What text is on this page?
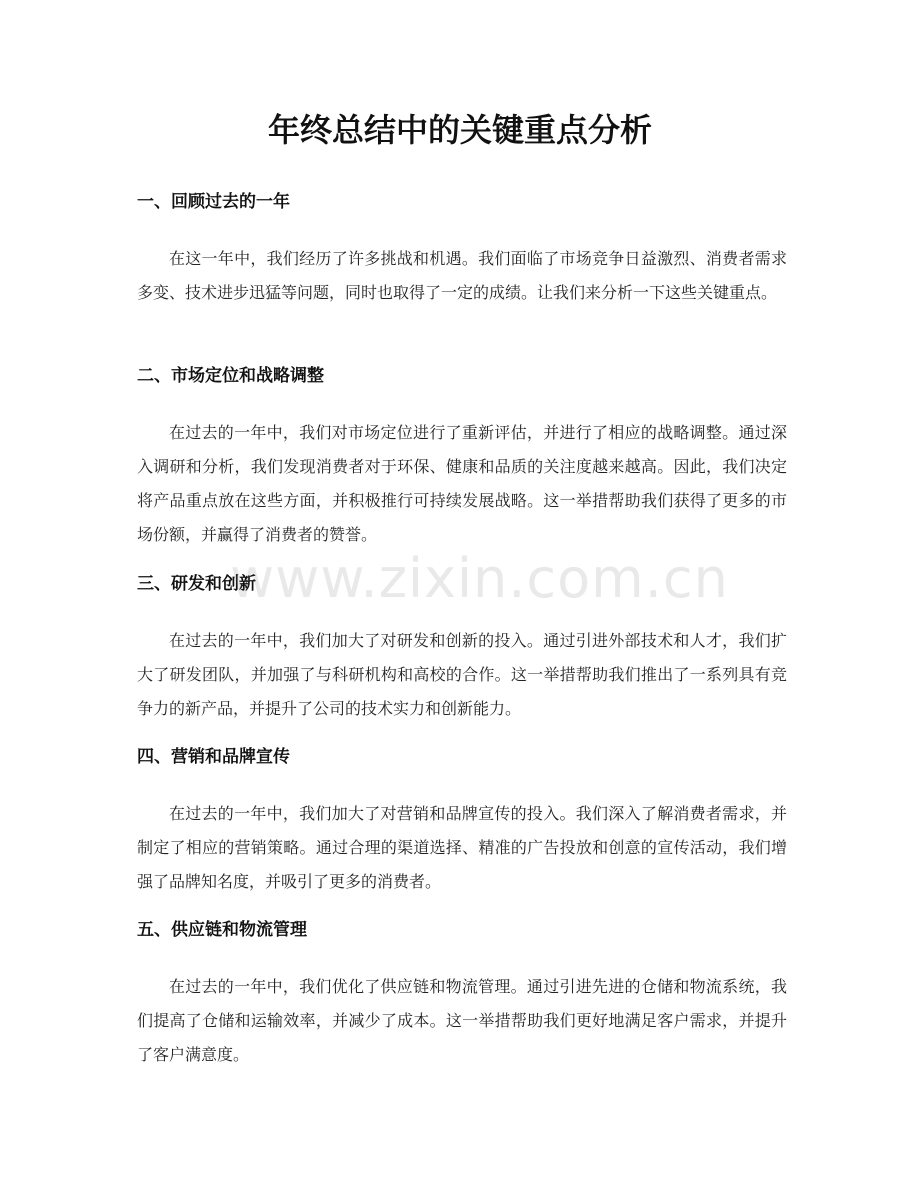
年终总结中的关键重点分析
一、回顾过去的一年

在这一年中，我们经历了许多挑战和机遇。我们面临了市场竞争日益激烈、消费者需求多变、技术进步迅猛等问题，同时也取得了一定的成绩。让我们来分析一下这些关键重点。

二、市场定位和战略调整

在过去的一年中，我们对市场定位进行了重新评估，并进行了相应的战略调整。通过深入调研和分析，我们发现消费者对于环保、健康和品质的关注度越来越高。因此，我们决定将产品重点放在这些方面，并积极推行可持续发展战略。这一举措帮助我们获得了更多的市场份额，并赢得了消费者的赞誉。

三、研发和创新

在过去的一年中，我们加大了对研发和创新的投入。通过引进外部技术和人才，我们扩大了研发团队，并加强了与科研机构和高校的合作。这一举措帮助我们推出了一系列具有竞争力的新产品，并提升了公司的技术实力和创新能力。

四、营销和品牌宣传

在过去的一年中，我们加大了对营销和品牌宣传的投入。我们深入了解消费者需求，并制定了相应的营销策略。通过合理的渠道选择、精准的广告投放和创意的宣传活动，我们增强了品牌知名度，并吸引了更多的消费者。

五、供应链和物流管理

在过去的一年中，我们优化了供应链和物流管理。通过引进先进的仓储和物流系统，我们提高了仓储和运输效率，并减少了成本。这一举措帮助我们更好地满足客户需求，并提升了客户满意度。

www.zixin.com.cn
